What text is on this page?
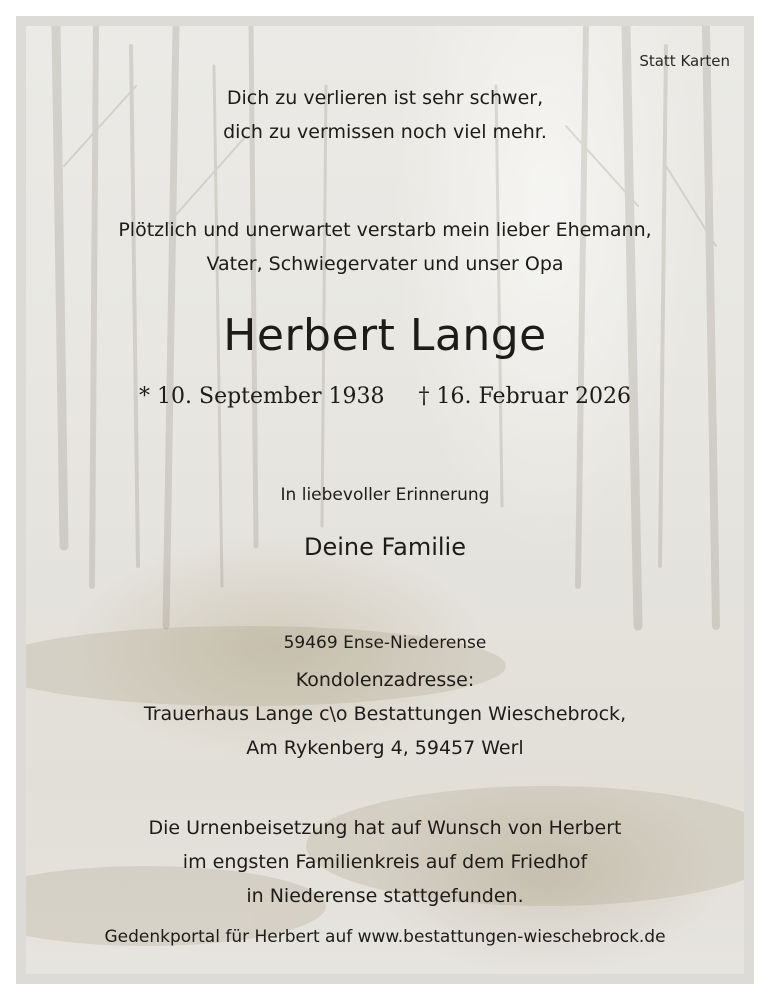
Statt Karten
Dich zu verlieren ist sehr schwer,
dich zu vermissen noch viel mehr.
Plötzlich und unerwartet verstarb mein lieber Ehemann,
Vater, Schwiegervater und unser Opa
Herbert Lange
* 10. September 1938 † 16. Februar 2026
In liebevoller Erinnerung
Deine Familie
59469 Ense-Niederense
Kondolenzadresse:
Trauerhaus Lange c\o Bestattungen Wieschebrock,
Am Rykenberg 4, 59457 Werl
Die Urnenbeisetzung hat auf Wunsch von Herbert
im engsten Familienkreis auf dem Friedhof
in Niederense stattgefunden.
Gedenkportal für Herbert auf www.bestattungen-wieschebrock.de
